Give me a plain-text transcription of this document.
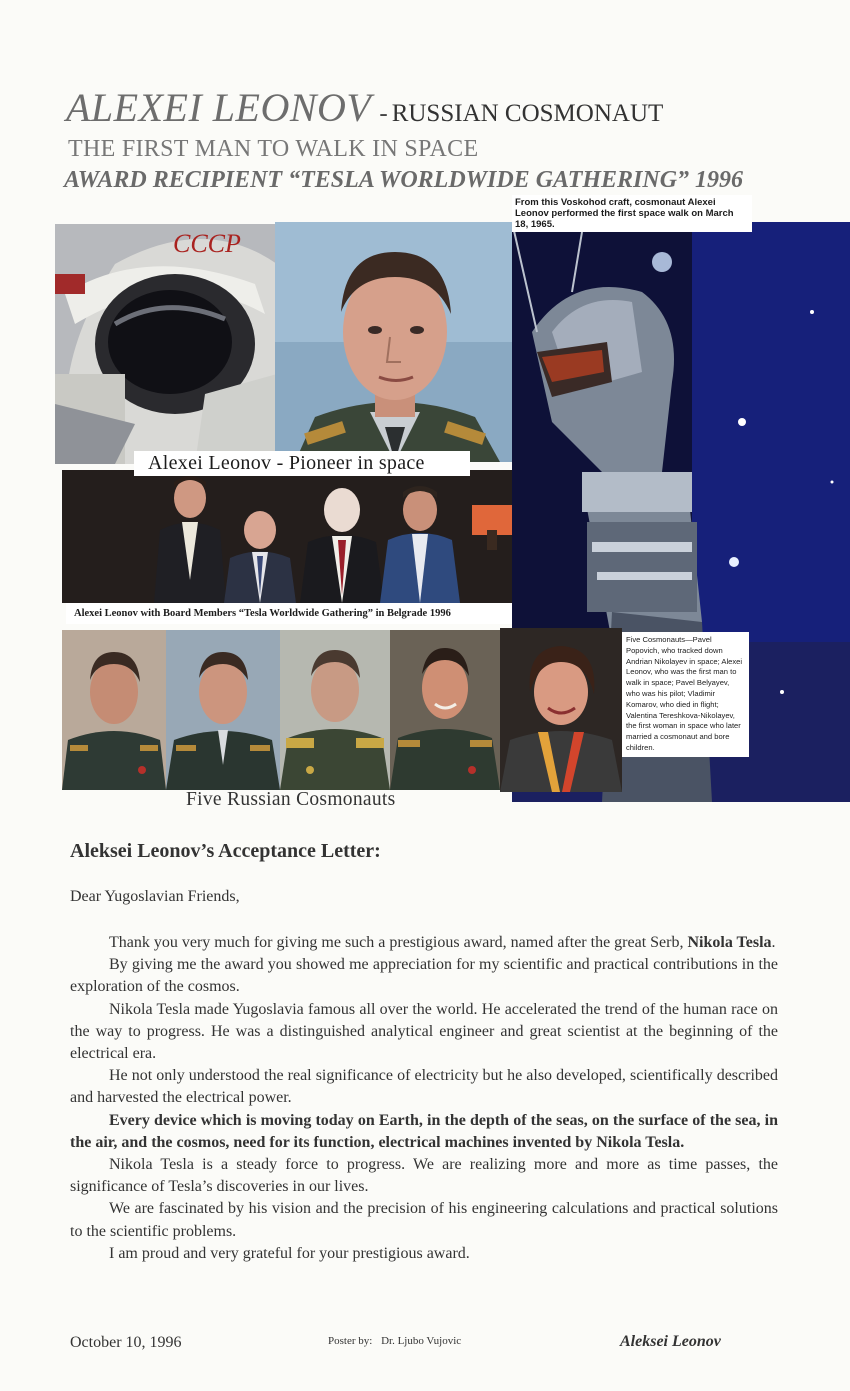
ALEXEI LEONOV - RUSSIAN COSMONAUT
THE FIRST MAN TO WALK IN SPACE
AWARD RECIPIENT “TESLA WORLDWIDE GATHERING” 1996
CCCP
From this Voskohod craft, cosmonaut Alexei Leonov performed the first space walk on March 18, 1965.
Alexei Leonov - Pioneer in space
Alexei Leonov with Board Members “Tesla Worldwide Gathering” in Belgrade 1996
Five Cosmonauts—Pavel Popovich, who tracked down Andrian Nikolayev in space; Alexei Leonov, who was the first man to walk in space; Pavel Belyayev, who was his pilot; Vladimir Komarov, who died in flight; Valentina Tereshkova-Nikolayev, the first woman in space who later married a cosmonaut and bore children.
Five Russian Cosmonauts
Aleksei Leonov’s Acceptance Letter:
Dear Yugoslavian Friends,

Thank you very much for giving me such a prestigious award, named after the great Serb, Nikola Tesla.

By giving me the award you showed me appreciation for my scientific and practical contributions in the exploration of the cosmos.

Nikola Tesla made Yugoslavia famous all over the world. He accelerated the trend of the human race on the way to progress. He was a distinguished analytical engineer and great scientist at the beginning of the electrical era.

He not only understood the real significance of electricity but he also developed, scientifically described and harvested the electrical power.

Every device which is moving today on Earth, in the depth of the seas, on the surface of the sea, in the air, and the cosmos, need for its function, electrical machines invented by Nikola Tesla.

Nikola Tesla is a steady force to progress. We are realizing more and more as time passes, the significance of Tesla’s discoveries in our lives.

We are fascinated by his vision and the precision of his engineering calculations and practical solutions to the scientific problems.

I am proud and very grateful for your prestigious award.

October 10, 1996	Poster by: Dr. Ljubo Vujovic	Aleksei Leonov
